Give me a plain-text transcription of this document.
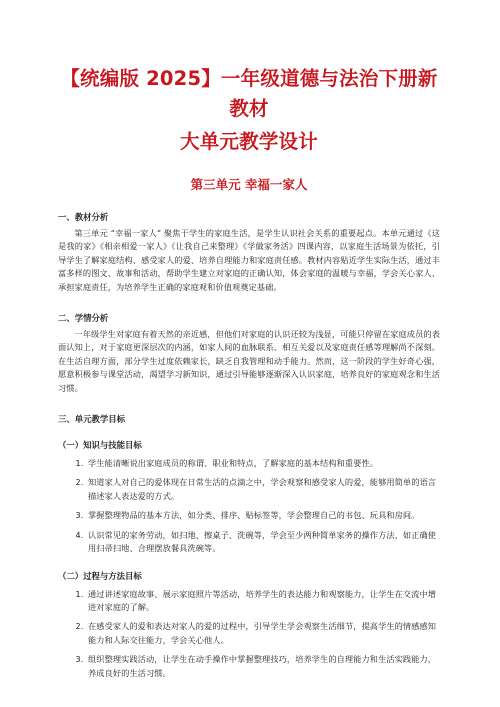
【统编版 2025】一年级道德与法治下册新教材
大单元教学设计
第三单元 幸福一家人
一、教材分析

第三单元 “幸福一家人” 聚焦于学生的家庭生活，是学生认识社会关系的重要起点。本单元通过《这是我的家》《相亲相爱一家人》《让我自己来整理》《学做家务活》四课内容，以家庭生活场景为依托，引导学生了解家庭结构、感受家人的爱、培养自理能力和家庭责任感。教材内容贴近学生实际生活，通过丰富多样的图文、故事和活动，帮助学生建立对家庭的正确认知，体会家庭的温暖与幸福，学会关心家人、承担家庭责任，为培养学生正确的家庭观和价值观奠定基础。

二、学情分析

一年级学生对家庭有着天然的亲近感，但他们对家庭的认识还较为浅显，可能只停留在家庭成员的表面认知上，对于家庭更深层次的内涵，如家人间的血脉联系、相互关爱以及家庭责任感等理解尚不深刻。在生活自理方面，部分学生过度依赖家长，缺乏自我管理和动手能力。然而，这一阶段的学生好奇心强，愿意积极参与课堂活动，渴望学习新知识，通过引导能够逐渐深入认识家庭，培养良好的家庭观念和生活习惯。

三、单元教学目标
（一）知识与技能目标
1. 学生能清晰说出家庭成员的称谓、职业和特点，了解家庭的基本结构和重要性。
2. 知道家人对自己的爱体现在日常生活的点滴之中，学会观察和感受家人的爱，能够用简单的语言描述家人表达爱的方式。
3. 掌握整理物品的基本方法，如分类、排序、贴标签等，学会整理自己的书包、玩具和房间。
4. 认识常见的家务劳动，如扫地、擦桌子、洗碗等，学会至少两种简单家务的操作方法，如正确使用扫帚扫地、合理摆放餐具洗碗等。
（二）过程与方法目标
1. 通过讲述家庭故事、展示家庭照片等活动，培养学生的表达能力和观察能力，让学生在交流中增进对家庭的了解。
2. 在感受家人的爱和表达对家人的爱的过程中，引导学生学会观察生活细节，提高学生的情感感知能力和人际交往能力，学会关心他人。
3. 组织整理实践活动，让学生在动手操作中掌握整理技巧，培养学生的自理能力和生活实践能力，养成良好的生活习惯。
